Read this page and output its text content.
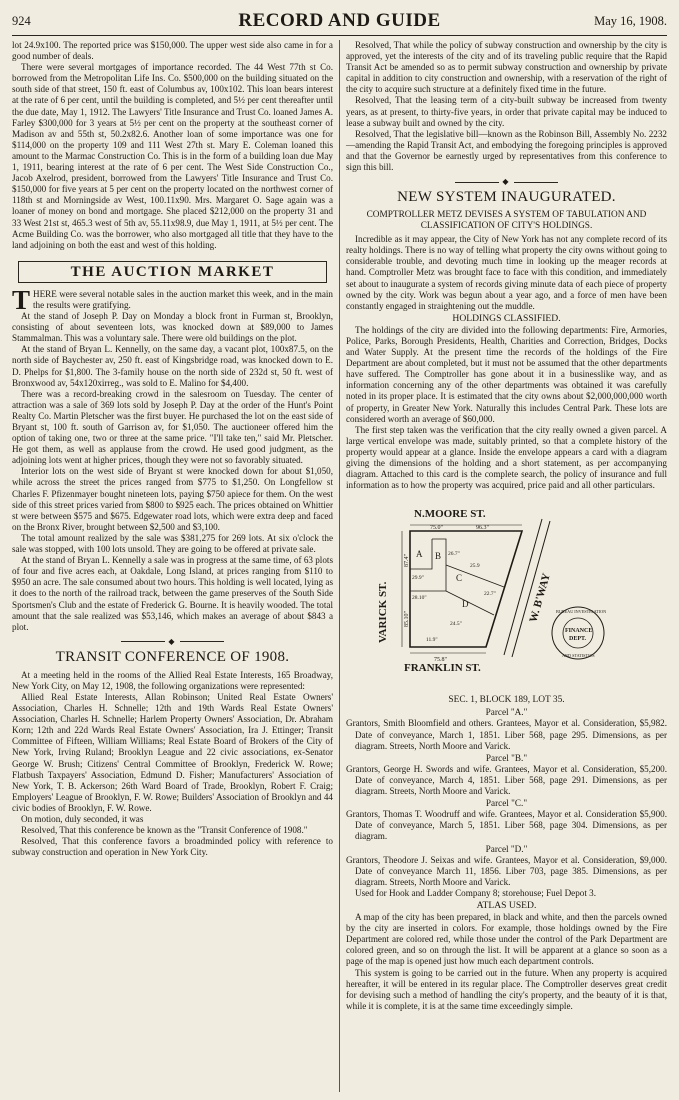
924	RECORD AND GUIDE	May 16, 1908.

lot 24.9x100. The reported price was $150,000. The upper west side also came in for a good number of deals.

There were several mortgages of importance recorded. The 44 West 77th st Co. borrowed from the Metropolitan Life Ins. Co. $500,000 on the building situated on the south side of that street, 150 ft. east of Columbus av, 100x102. This loan bears interest at the rate of 6 per cent, until the building is completed, and 5½ per cent thereafter until the due date, May 1, 1912. The Lawyers' Title Insurance and Trust Co. loaned James A. Farley $300,000 for 3 years at 5½ per cent on the property at the southeast corner of Madison av and 55th st, 50.2x82.6. Another loan of some importance was one for $114,000 on the property 109 and 111 West 27th st. Mary E. Coleman loaned this amount to the Marmac Construction Co. This is in the form of a building loan due May 1, 1911, bearing interest at the rate of 6 per cent. The West Side Construction Co., Jacob Axelrod, president, borrowed from the Lawyers' Title Insurance and Trust Co. $150,000 for five years at 5 per cent on the property located on the northwest corner of 118th st and Morningside av West, 100.11x90. Mrs. Margaret O. Sage again was a loaner of money on bond and mortgage. She placed $212,000 on the property 31 and 33 West 21st st, 465.3 west of 5th av, 55.11x98.9, due May 1, 1911, at 5½ per cent. The Acme Building Co. was the borrower, who also mortgaged all title that they have to the land adjoining on both the east and west of this holding.

THE AUCTION MARKET

THERE were several notable sales in the auction market this week, and in the main the results were gratifying.

At the stand of Joseph P. Day on Monday a block front in Furman st, Brooklyn, consisting of about seventeen lots, was knocked down at $89,000 to James Stammalman. This was a voluntary sale. There were old buildings on the plot.

At the stand of Bryan L. Kennelly, on the same day, a vacant plot, 100x87.5, on the north side of Baychester av, 250 ft. east of Kingsbridge road, was knocked down to E. D. Phelps for $1,800. The 3-family house on the north side of 232d st, 50 ft. west of Bronxwood av, 54x120xirreg., was sold to E. Malino for $4,400.

There was a record-breaking crowd in the salesroom on Tuesday. The center of attraction was a sale of 369 lots sold by Joseph P. Day at the order of the Hunt's Point Realty Co. Martin Pletscher was the first buyer. He purchased the lot on the east side of Bryant st, 100 ft. south of Garrison av, for $1,050. The auctioneer offered him the option of taking one, two or three at the same price. "I'll take ten," said Mr. Pletscher. He got them, as well as applause from the crowd. He used good judgment, as the adjoining lots went at higher prices, though they were not so favorably situated.

Interior lots on the west side of Bryant st were knocked down for about $1,050, while across the street the prices ranged from $775 to $1,250. On Longfellow st Charles F. Pfizenmayer bought nineteen lots, paying $750 apiece for them. On the west side of this street prices varied from $800 to $925 each. The prices obtained on Whittier st were between $575 and $675. Edgewater road lots, which were extra deep and faced on the Bronx River, brought between $2,500 and $3,100.

The total amount realized by the sale was $381,275 for 269 lots. At six o'clock the sale was stopped, with 100 lots unsold. They are going to be offered at private sale.

At the stand of Bryan L. Kennelly a sale was in progress at the same time, of 63 plots of four and five acres each, at Oakdale, Long Island, at prices ranging from $110 to $950 an acre. The sale consumed about two hours. This holding is well located, lying as it does to the north of the railroad track, between the game preserves of the South Side Sportsmen's Club and the estate of Frederick G. Bourne. It is heavily wooded. The total amount that the sale realized was $53,146, which makes an average of about $843 a plot.

◆
TRANSIT CONFERENCE OF 1908.

At a meeting held in the rooms of the Allied Real Estate Interests, 165 Broadway, New York City, on May 12, 1908, the following organizations were represented:

Allied Real Estate Interests, Allan Robinson; United Real Estate Owners' Association, Charles H. Schnelle; 12th and 19th Wards Real Estate Owners' Association, Charles H. Schnelle; Harlem Property Owners' Association, Dr. Abraham Korn; 12th and 22d Wards Real Estate Owners' Association, Ira J. Ettinger; Transit Committee of Fifteen, William Williams; Real Estate Board of Brokers of the City of New York, Irving Ruland; Brooklyn League and 22 civic associations, ex-Senator George W. Brush; Citizens' Central Committee of Brooklyn, Frederick W. Rowe; Flatbush Taxpayers' Association, Edmund D. Fisher; Manufacturers' Association of New York, T. B. Ackerson; 26th Ward Board of Trade, Brooklyn, Robert F. Craig; Employers' League of Brooklyn, F. W. Rowe; Builders' Association of Brooklyn and 44 civic bodies of Brooklyn, F. W. Rowe.

On motion, duly seconded, it was

Resolved, That this conference be known as the "Transit Conference of 1908."

Resolved, That this conference favors a broadminded policy with reference to subway construction and operation in New York City.

Resolved, That while the policy of subway construction and ownership by the city is approved, yet the interests of the city and of its traveling public require that the Rapid Transit Act be amended so as to permit subway construction and ownership by private capital in addition to city construction and ownership, with a reservation of the right of the city to acquire such structure at a definitely fixed time in the future.

Resolved, That the leasing term of a city-built subway be increased from twenty years, as at present, to thirty-five years, in order that private capital may be induced to lease a subway built and owned by the city.

Resolved, That the legislative bill—known as the Robinson Bill, Assembly No. 2232—amending the Rapid Transit Act, and embodying the foregoing principles is approved and that the Governor be earnestly urged by representatives from this conference to sign this bill.

◆
NEW SYSTEM INAUGURATED.
COMPTROLLER METZ DEVISES A SYSTEM OF TABULATION AND CLASSIFICATION OF CITY'S HOLDINGS.

Incredible as it may appear, the City of New York has not any complete record of its realty holdings. There is no way of telling what property the city owns without going to considerable trouble, and devoting much time in looking up the meager records at hand. Comptroller Metz was brought face to face with this condition, and immediately set about to inaugurate a system of records giving minute data of each piece of property owned by the city. Work was begun about a year ago, and a force of men have been constantly engaged in straightening out the muddle.

HOLDINGS CLASSIFIED.

The holdings of the city are divided into the following departments: Fire, Armories, Police, Parks, Borough Presidents, Health, Charities and Correction, Bridges, Docks and Water Supply. At the present time the records of the holdings of the Fire Department are about completed, but it must not be assumed that the other departments have suffered. The Comptroller has gone about it in a businesslike way, and as information concerning any of the other departments was obtained it was carefully noted in its proper place. It is estimated that the city owns about $2,000,000,000 worth of property, in Greater New York. Naturally this includes Central Park. These lots are considered worth an average of $60,000.

The first step taken was the verification that the city really owned a given parcel. A large vertical envelope was made, suitably printed, so that a complete history of the property would appear at a glance. Inside the envelope appears a card with a diagram giving the dimensions of the holding and a short statement, as per accompanying diagram. Attached to this card is the complete search, the policy of insurance and full information as to how the property was acquired, price paid and all other particulars.

N.MOORE ST.
FRANKLIN ST.
VARICK ST.	W. B'WAY
75.0"	96.3"
87.4"
85.10"
75.8"
A B
C
D
29.9"
26.7"
25.9
28.10"
24.5"
22.7"
11.9"
FINANCE
DEPT.
BUREAU INVESTIGATION
AND STATISTICS
SEC. 1, BLOCK 189, LOT 35.
Parcel "A."

Grantors, Smith Bloomfield and others. Grantees, Mayor et al. Consideration, $5,982. Date of conveyance, March 1, 1851. Liber 568, page 295. Dimensions, as per diagram. Streets, North Moore and Varick.

Parcel "B."

Grantors, George H. Swords and wife. Grantees, Mayor et al. Consideration, $5,200. Date of conveyance, March 4, 1851. Liber 568, page 291. Dimensions, as per diagram. Streets, North Moore and Varick.

Parcel "C."

Grantors, Thomas T. Woodruff and wife. Grantees, Mayor et al. Consideration $5,900. Date of conveyance, March 5, 1851. Liber 568, page 304. Dimensions, as per diagram.

Parcel "D."

Grantors, Theodore J. Seixas and wife. Grantees, Mayor et al. Consideration, $9,000. Date of conveyance March 11, 1856. Liber 703, page 385. Dimensions, as per diagram. Streets, North Moore and Varick.

Used for Hook and Ladder Company 8; storehouse; Fuel Depot 3.

ATLAS USED.

A map of the city has been prepared, in black and white, and then the parcels owned by the city are inserted in colors. For example, those holdings owned by the Fire Department are colored red, while those under the control of the Park Department are colored green, and so on through the list. It will be apparent at a glance so soon as a page of the map is opened just how much each department controls.

This system is going to be carried out in the future. When any property is acquired hereafter, it will be entered in its regular place. The Comptroller deserves great credit for devising such a method of handling the city's property, and the beauty of it is that, while it is complete, it is at the same time exceedingly simple.
